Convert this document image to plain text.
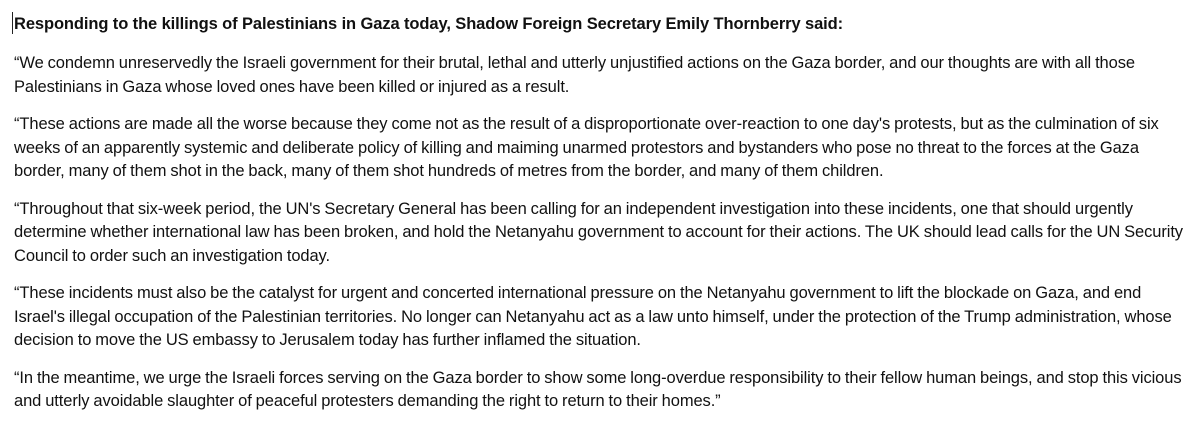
Responding to the killings of Palestinians in Gaza today, Shadow Foreign Secretary Emily Thornberry said:

“We condemn unreservedly the Israeli government for their brutal, lethal and utterly unjustified actions on the Gaza border, and our thoughts are with all those Palestinians in Gaza whose loved ones have been killed or injured as a result.

“These actions are made all the worse because they come not as the result of a disproportionate over-reaction to one day's protests, but as the culmination of six weeks of an apparently systemic and deliberate policy of killing and maiming unarmed protestors and bystanders who pose no threat to the forces at the Gaza border, many of them shot in the back, many of them shot hundreds of metres from the border, and many of them children.

“Throughout that six-week period, the UN's Secretary General has been calling for an independent investigation into these incidents, one that should urgently determine whether international law has been broken, and hold the Netanyahu government to account for their actions. The UK should lead calls for the UN Security Council to order such an investigation today.

“These incidents must also be the catalyst for urgent and concerted international pressure on the Netanyahu government to lift the blockade on Gaza, and end Israel's illegal occupation of the Palestinian territories. No longer can Netanyahu act as a law unto himself, under the protection of the Trump administration, whose decision to move the US embassy to Jerusalem today has further inflamed the situation.

“In the meantime, we urge the Israeli forces serving on the Gaza border to show some long-overdue responsibility to their fellow human beings, and stop this vicious and utterly avoidable slaughter of peaceful protesters demanding the right to return to their homes.”
